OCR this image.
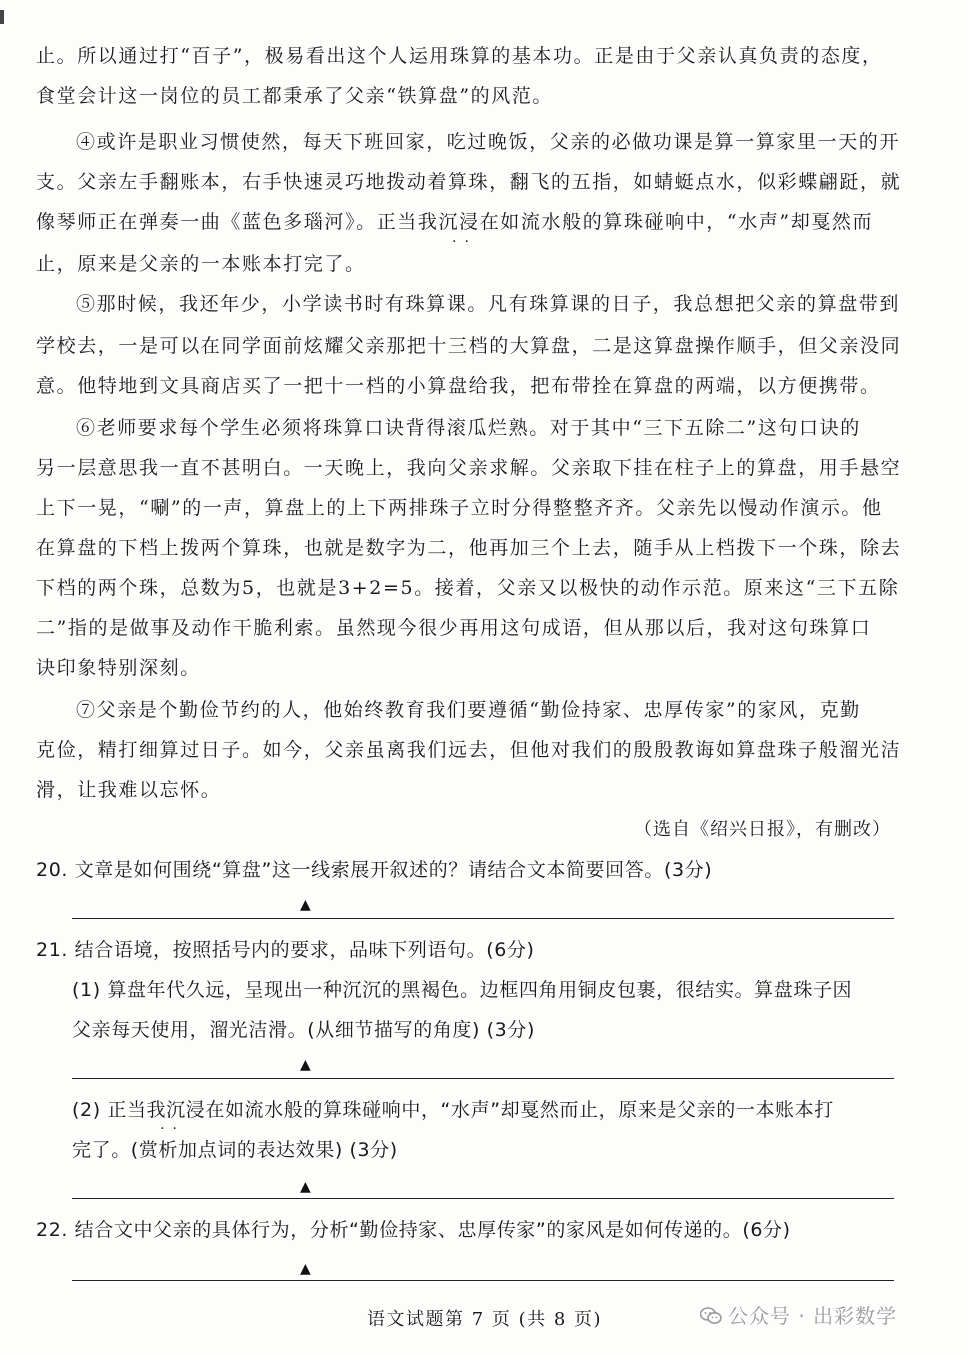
止。所以通过打“百子”，极易看出这个人运用珠算的基本功。正是由于父亲认真负责的态度，
食堂会计这一岗位的员工都秉承了父亲“铁算盘”的风范。
④或许是职业习惯使然，每天下班回家，吃过晚饭，父亲的必做功课是算一算家里一天的开
支。父亲左手翻账本，右手快速灵巧地拨动着算珠，翻飞的五指，如蜻蜓点水，似彩蝶翩跹，就
像琴师正在弹奏一曲《蓝色多瑙河》。正当我沉浸在如流水般的算珠碰响中，“水声”却戛然而
··
止，原来是父亲的一本账本打完了。
⑤那时候，我还年少，小学读书时有珠算课。凡有珠算课的日子，我总想把父亲的算盘带到
学校去，一是可以在同学面前炫耀父亲那把十三档的大算盘，二是这算盘操作顺手，但父亲没同
意。他特地到文具商店买了一把十一档的小算盘给我，把布带拴在算盘的两端，以方便携带。
⑥老师要求每个学生必须将珠算口诀背得滚瓜烂熟。对于其中“三下五除二”这句口诀的
另一层意思我一直不甚明白。一天晚上，我向父亲求解。父亲取下挂在柱子上的算盘，用手悬空
上下一晃，“唰”的一声，算盘上的上下两排珠子立时分得整整齐齐。父亲先以慢动作演示。他
在算盘的下档上拨两个算珠，也就是数字为二，他再加三个上去，随手从上档拨下一个珠，除去
下档的两个珠，总数为5，也就是3+2=5。接着，父亲又以极快的动作示范。原来这“三下五除
二”指的是做事及动作干脆利索。虽然现今很少再用这句成语，但从那以后，我对这句珠算口
诀印象特别深刻。
⑦父亲是个勤俭节约的人，他始终教育我们要遵循“勤俭持家、忠厚传家”的家风，克勤
克俭，精打细算过日子。如今，父亲虽离我们远去，但他对我们的殷殷教诲如算盘珠子般溜光洁
滑，让我难以忘怀。
（选自《绍兴日报》，有删改）
20. 文章是如何围绕“算盘”这一线索展开叙述的？请结合文本简要回答。(3分)
▲
21. 结合语境，按照括号内的要求，品味下列语句。(6分)
(1) 算盘年代久远，呈现出一种沉沉的黑褐色。边框四角用铜皮包裹，很结实。算盘珠子因
父亲每天使用，溜光洁滑。(从细节描写的角度) (3分)
▲
(2) 正当我沉浸在如流水般的算珠碰响中，“水声”却戛然而止，原来是父亲的一本账本打
··
完了。(赏析加点词的表达效果) (3分)
▲
22. 结合文中父亲的具体行为，分析“勤俭持家、忠厚传家”的家风是如何传递的。(6分)
▲
语文试题第 7 页 (共 8 页)	公众号 · 出彩数学
